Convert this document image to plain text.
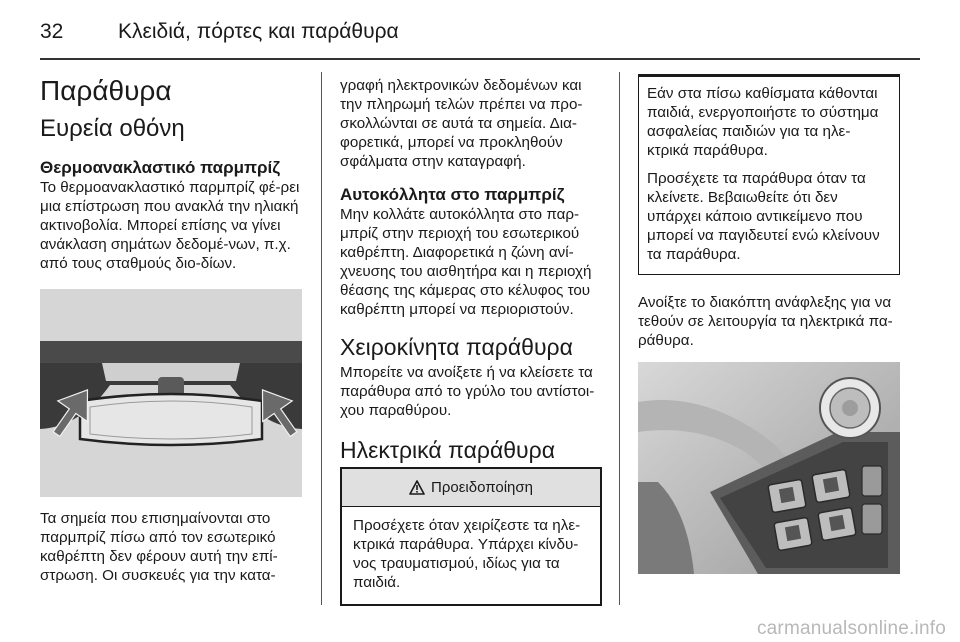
32	Κλειδιά, πόρτες και παράθυρα
Παράθυρα
Ευρεία οθόνη
Θερμοανακλαστικό παρμπρίζ
Το θερμοανακλαστικό παρμπρίζ φέ-ρει μια επίστρωση που ανακλά την ηλιακή ακτινοβολία. Μπορεί επίσης να γίνει ανάκλαση σημάτων δεδομέ-νων, π.χ. από τους σταθμούς διο-δίων.
Τα σημεία που επισημαίνονται στο παρμπρίζ πίσω από τον εσωτερικό καθρέπτη δεν φέρουν αυτή την επί-στρωση. Οι συσκευές για την κατα-
γραφή ηλεκτρονικών δεδομένων και την πληρωμή τελών πρέπει να προ-σκολλώνται σε αυτά τα σημεία. Δια-φορετικά, μπορεί να προκληθούν σφάλματα στην καταγραφή.
Αυτοκόλλητα στο παρμπρίζ
Μην κολλάτε αυτοκόλλητα στο παρ-μπρίζ στην περιοχή του εσωτερικού καθρέπτη. Διαφορετικά η ζώνη ανί-χνευσης του αισθητήρα και η περιοχή θέασης της κάμερας στο κέλυφος του καθρέπτη μπορεί να περιοριστούν.
Χειροκίνητα παράθυρα
Μπορείτε να ανοίξετε ή να κλείσετε τα παράθυρα από το γρύλο του αντίστοι-χου παραθύρου.
Ηλεκτρικά παράθυρα
Προειδοποίηση
Προσέχετε όταν χειρίζεστε τα ηλε-κτρικά παράθυρα. Υπάρχει κίνδυ-νος τραυματισμού, ιδίως για τα παιδιά.

Εάν στα πίσω καθίσματα κάθονται παιδιά, ενεργοποιήστε το σύστημα ασφαλείας παιδιών για τα ηλε-κτρικά παράθυρα.

Προσέχετε τα παράθυρα όταν τα κλείνετε. Βεβαιωθείτε ότι δεν υπάρχει κάποιο αντικείμενο που μπορεί να παγιδευτεί ενώ κλείνουν τα παράθυρα.

Ανοίξτε το διακόπτη ανάφλεξης για να τεθούν σε λειτουργία τα ηλεκτρικά πα-ράθυρα.
carmanualsonline.info
